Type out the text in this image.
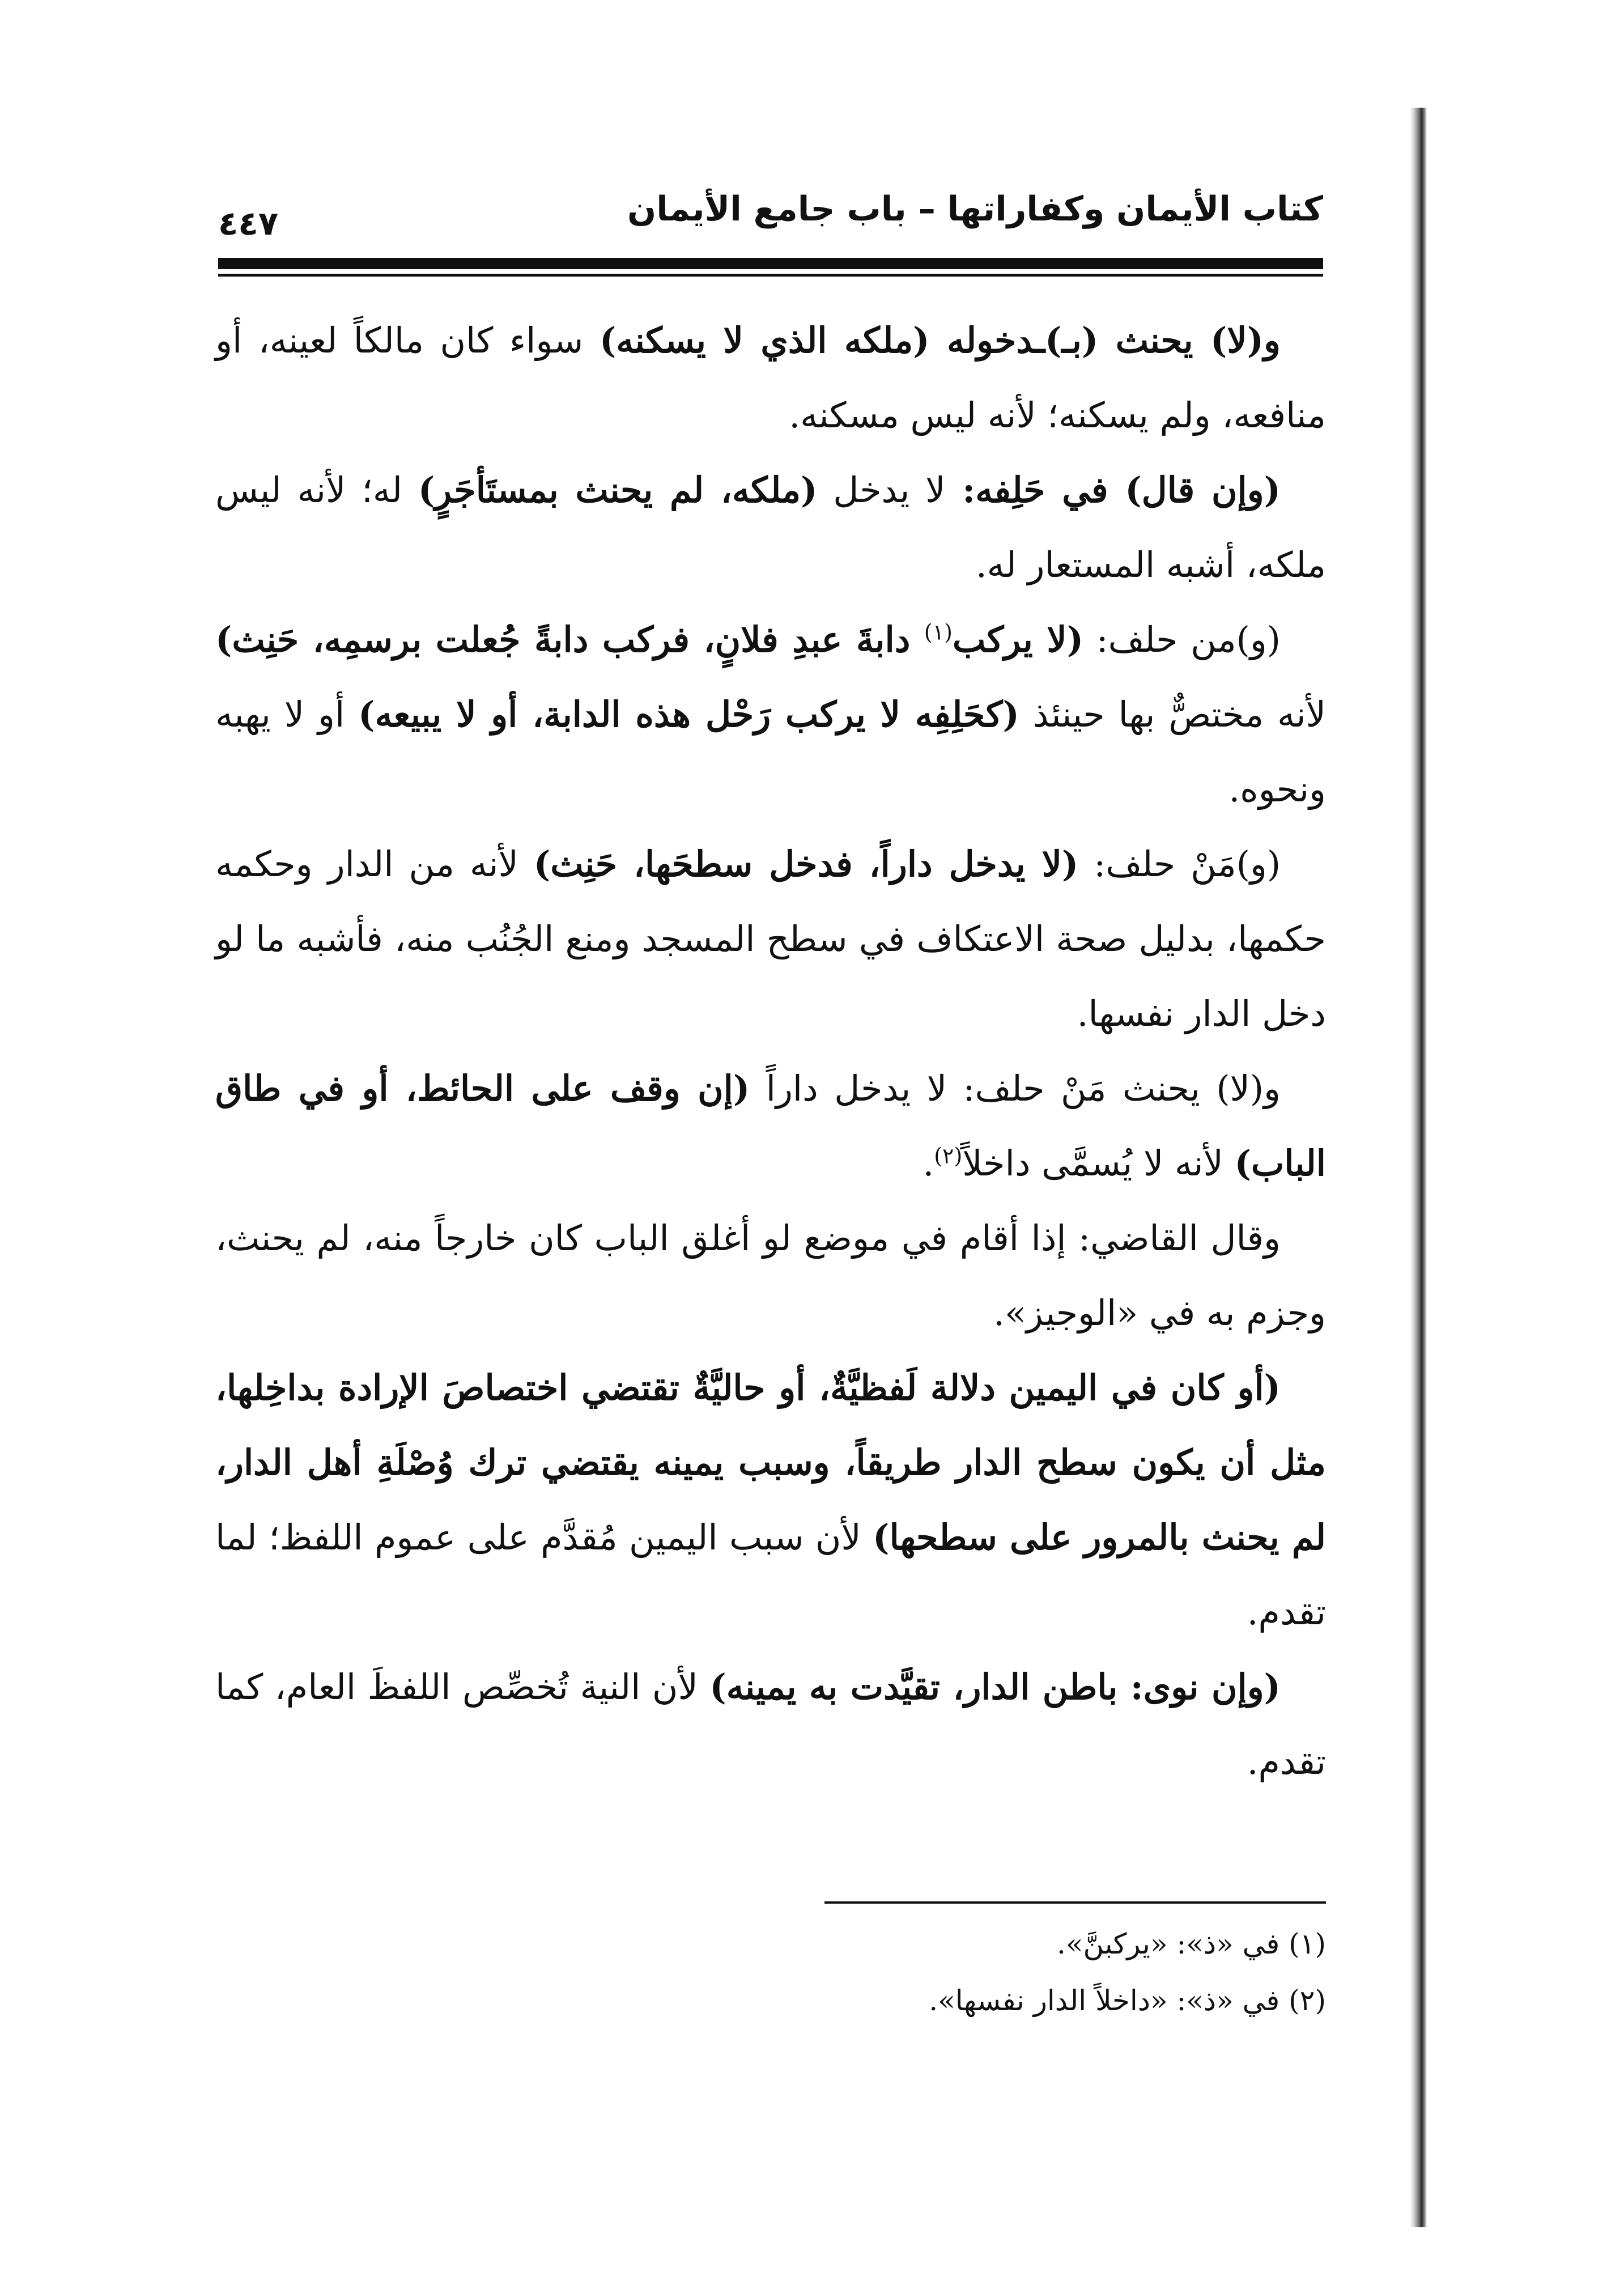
كتاب الأيمان وكفاراتها – باب جامع الأيمان
٤٤٧

و(لا) يحنث (بـ)ـدخوله (ملكه الذي لا يسكنه) سواء كان مالكاً لعينه، أو منافعه، ولم يسكنه؛ لأنه ليس مسكنه.

(وإن قال) في حَلِفه: لا يدخل (ملكه، لم يحنث بمستَأجَرٍ) له؛ لأنه ليس ملكه، أشبه المستعار له.

(و)من حلف: (لا يركب$^{(١)}$ دابةَ عبدِ فلانٍ، فركب دابةً جُعلت برسمِه، حَنِث) لأنه مختصٌّ بها حينئذ (كحَلِفِه لا يركب رَحْل هذه الدابة، أو لا يبيعه) أو لا يهبه ونحوه.

(و)مَنْ حلف: (لا يدخل داراً، فدخل سطحَها، حَنِث) لأنه من الدار وحكمه حكمها، بدليل صحة الاعتكاف في سطح المسجد ومنع الجُنُب منه، فأشبه ما لو دخل الدار نفسها.

و(لا) يحنث مَنْ حلف: لا يدخل داراً (إن وقف على الحائط، أو في طاق الباب) لأنه لا يُسمَّى داخلاً$^{(٢)}$.

وقال القاضي: إذا أقام في موضع لو أغلق الباب كان خارجاً منه، لم يحنث، وجزم به في «الوجيز».

(أو كان في اليمين دلالة لَفظيَّةٌ، أو حاليَّةٌ تقتضي اختصاصَ الإرادة بداخِلها، مثل أن يكون سطح الدار طريقاً، وسبب يمينه يقتضي ترك وُصْلَةِ أهل الدار، لم يحنث بالمرور على سطحها) لأن سبب اليمين مُقدَّم على عموم اللفظ؛ لما تقدم.

(وإن نوى: باطن الدار، تقيَّدت به يمينه) لأن النية تُخصِّص اللفظَ العام، كما تقدم.

(١) في «ذ»: «يركبنَّ».

(٢) في «ذ»: «داخلاً الدار نفسها».
